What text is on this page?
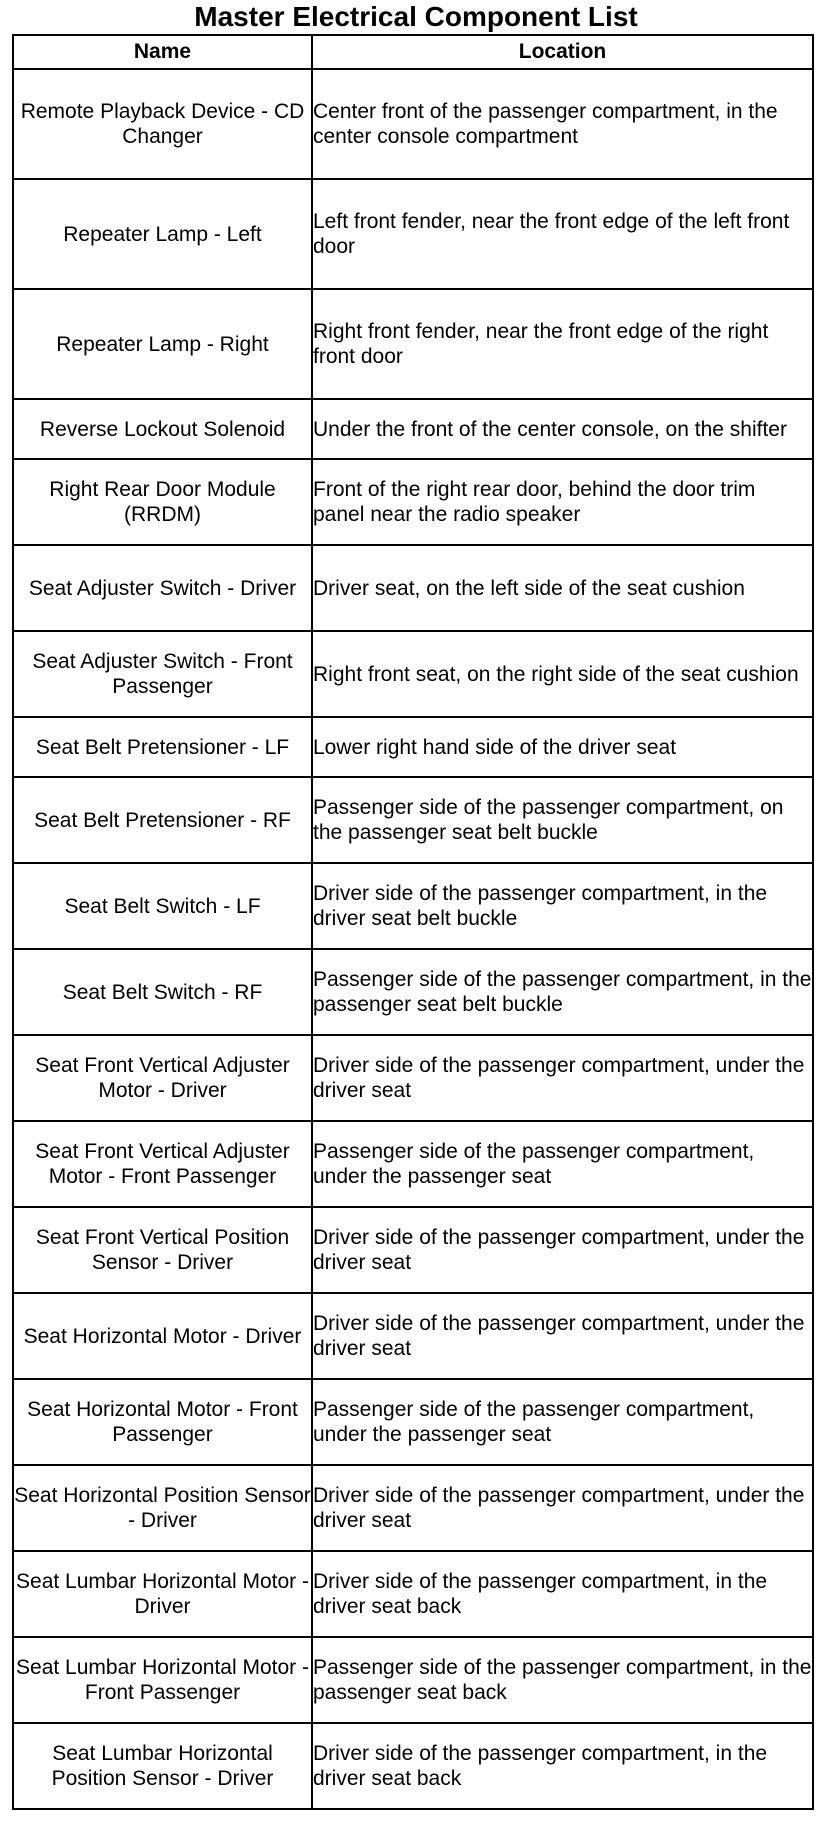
Master Electrical Component List
Name	Location
Remote Playback Device - CD Changer	Center front of the passenger compartment, in the center console compartment
Repeater Lamp - Left	Left front fender, near the front edge of the left front door
Repeater Lamp - Right	Right front fender, near the front edge of the right front door
Reverse Lockout Solenoid	Under the front of the center console, on the shifter
Right Rear Door Module (RRDM)	Front of the right rear door, behind the door trim panel near the radio speaker
Seat Adjuster Switch - Driver	Driver seat, on the left side of the seat cushion
Seat Adjuster Switch - Front Passenger	Right front seat, on the right side of the seat cushion
Seat Belt Pretensioner - LF	Lower right hand side of the driver seat
Seat Belt Pretensioner - RF	Passenger side of the passenger compartment, on the passenger seat belt buckle
Seat Belt Switch - LF	Driver side of the passenger compartment, in the driver seat belt buckle
Seat Belt Switch - RF	Passenger side of the passenger compartment, in the passenger seat belt buckle
Seat Front Vertical Adjuster Motor - Driver	Driver side of the passenger compartment, under the driver seat
Seat Front Vertical Adjuster Motor - Front Passenger	Passenger side of the passenger compartment, under the passenger seat
Seat Front Vertical Position Sensor - Driver	Driver side of the passenger compartment, under the driver seat
Seat Horizontal Motor - Driver	Driver side of the passenger compartment, under the driver seat
Seat Horizontal Motor - Front Passenger	Passenger side of the passenger compartment, under the passenger seat
Seat Horizontal Position Sensor - Driver	Driver side of the passenger compartment, under the driver seat
Seat Lumbar Horizontal Motor - Driver	Driver side of the passenger compartment, in the driver seat back
Seat Lumbar Horizontal Motor - Front Passenger	Passenger side of the passenger compartment, in the passenger seat back
Seat Lumbar Horizontal Position Sensor - Driver	Driver side of the passenger compartment, in the driver seat back
